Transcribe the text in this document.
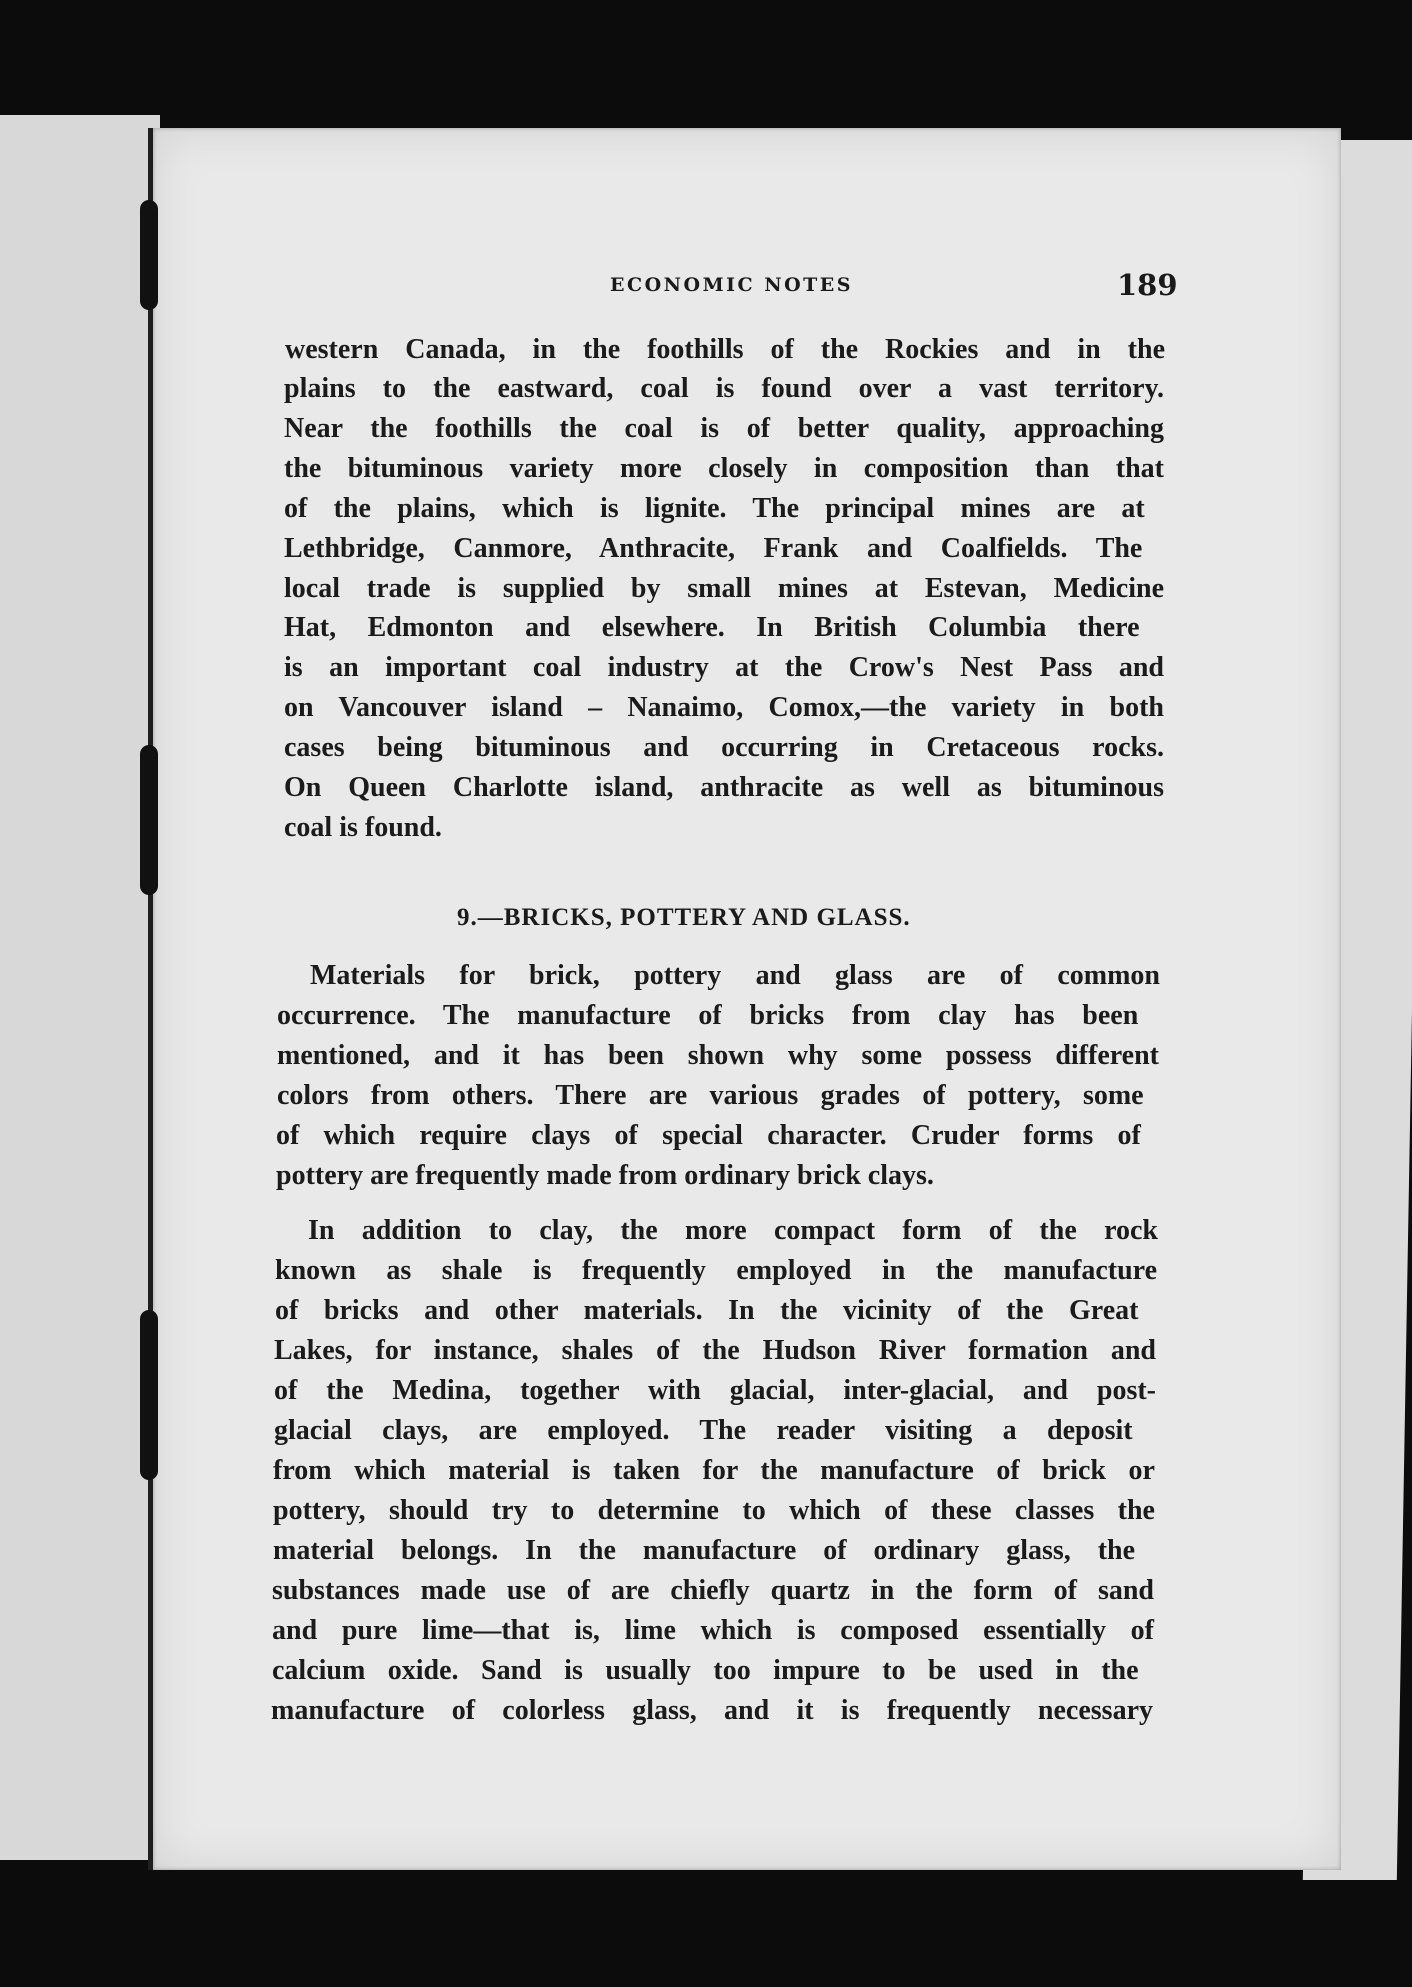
ECONOMIC NOTES	189
western Canada, in the foothills of the Rockies and in the
plains to the eastward, coal is found over a vast territory.
Near the foothills the coal is of better quality, approaching
the bituminous variety more closely in composition than that
of the plains, which is lignite. The principal mines are at
Lethbridge, Canmore, Anthracite, Frank and Coalfields. The
local trade is supplied by small mines at Estevan, Medicine
Hat, Edmonton and elsewhere. In British Columbia there
is an important coal industry at the Crow's Nest Pass and
on Vancouver island – Nanaimo, Comox,—the variety in both
cases being bituminous and occurring in Cretaceous rocks.
On Queen Charlotte island, anthracite as well as bituminous
coal is found.
9.—BRICKS, POTTERY AND GLASS.
Materials for brick, pottery and glass are of common
occurrence. The manufacture of bricks from clay has been
mentioned, and it has been shown why some possess different
colors from others. There are various grades of pottery, some
of which require clays of special character. Cruder forms of
pottery are frequently made from ordinary brick clays.
In addition to clay, the more compact form of the rock
known as shale is frequently employed in the manufacture
of bricks and other materials. In the vicinity of the Great
Lakes, for instance, shales of the Hudson River formation and
of the Medina, together with glacial, inter-glacial, and post-
glacial clays, are employed. The reader visiting a deposit
from which material is taken for the manufacture of brick or
pottery, should try to determine to which of these classes the
material belongs. In the manufacture of ordinary glass, the
substances made use of are chiefly quartz in the form of sand
and pure lime—that is, lime which is composed essentially of
calcium oxide. Sand is usually too impure to be used in the
manufacture of colorless glass, and it is frequently necessary
